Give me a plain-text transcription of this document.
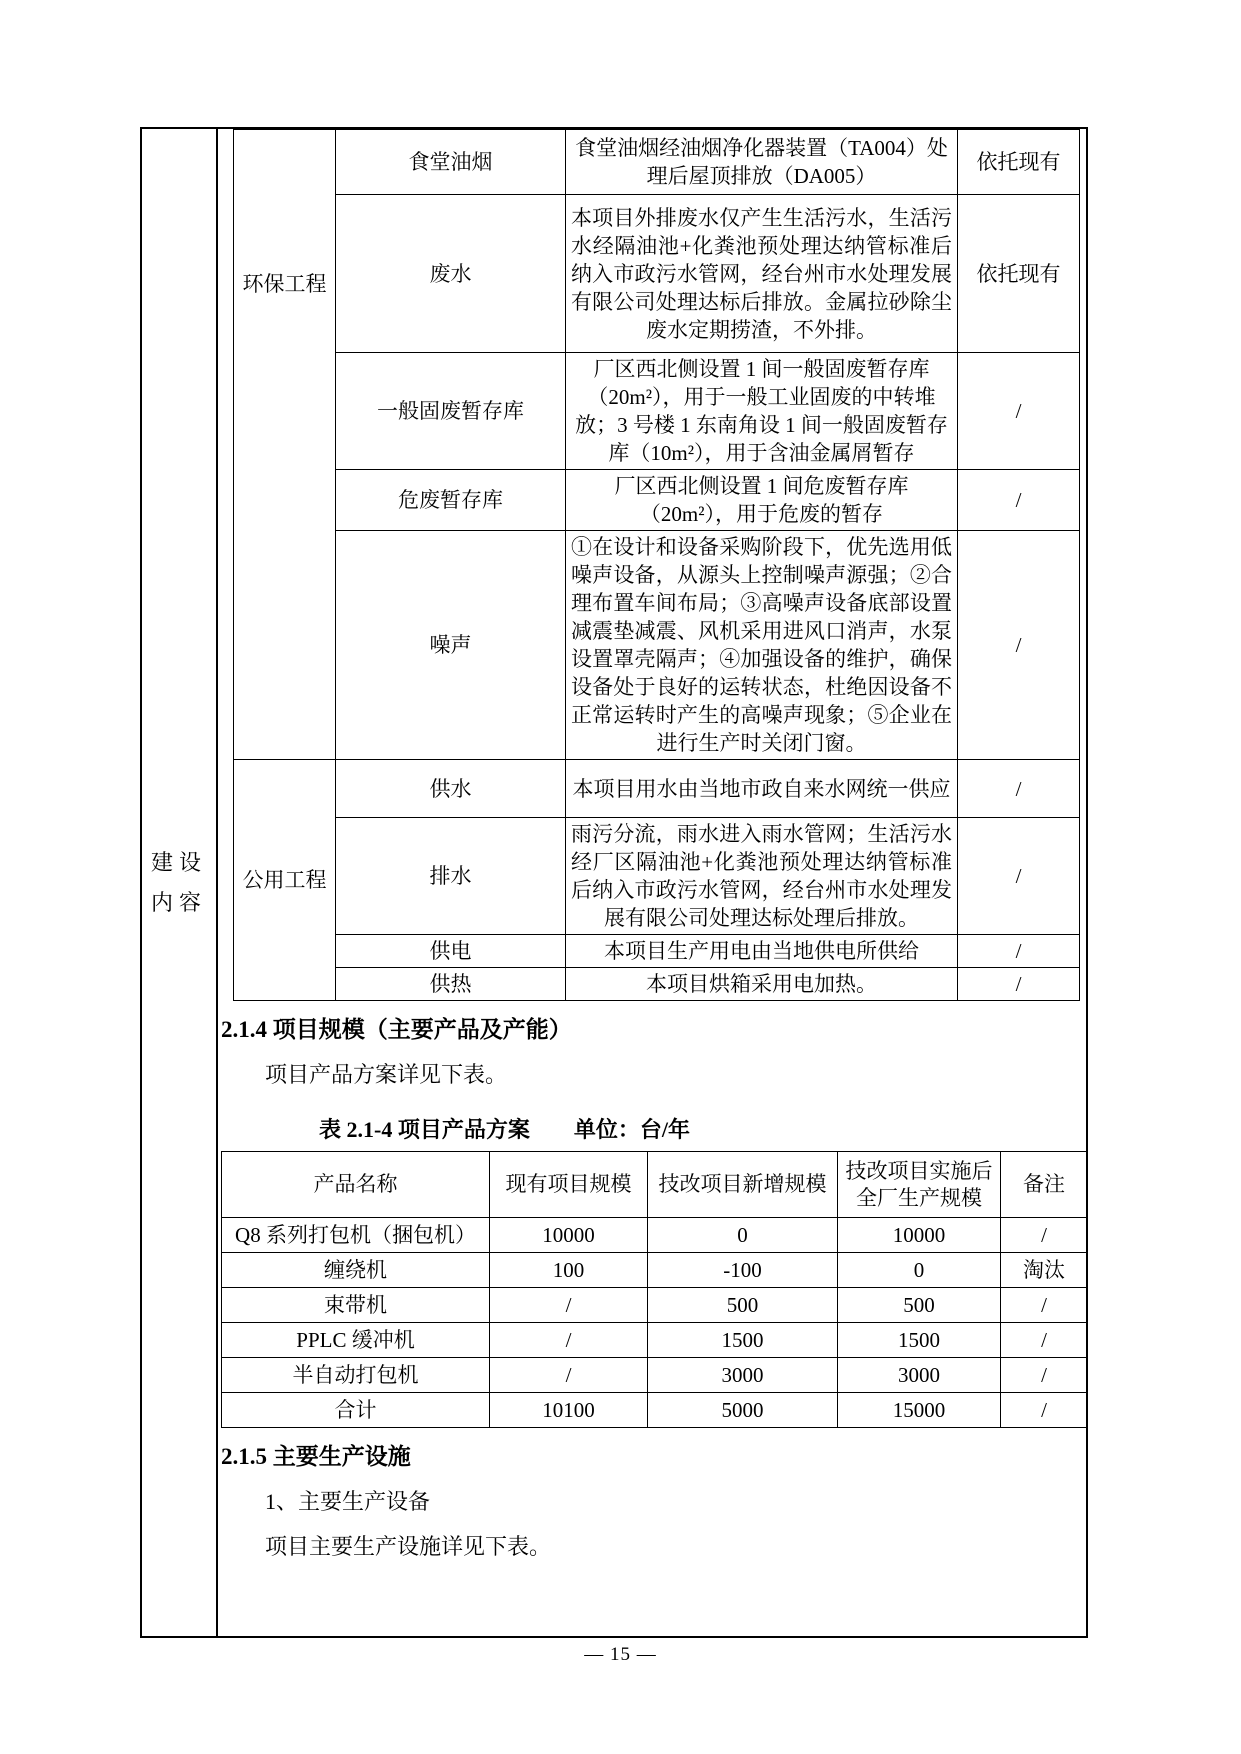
建设内容
环保工程	食堂油烟	食堂油烟经油烟净化器装置（TA004）处理后屋顶排放（DA005）	依托现有
	废水	本项目外排废水仅产生生活污水，生活污水经隔油池+化粪池预处理达纳管标准后纳入市政污水管网，经台州市水处理发展有限公司处理达标后排放。金属拉砂除尘废水定期捞渣，不外排。	依托现有
	一般固废暂存库	厂区西北侧设置 1 间一般固废暂存库（20m²），用于一般工业固废的中转堆放；3 号楼 1 东南角设 1 间一般固废暂存库（10m²），用于含油金属屑暂存	/
	危废暂存库	厂区西北侧设置 1 间危废暂存库（20m²），用于危废的暂存	/
	噪声	①在设计和设备采购阶段下，优先选用低噪声设备，从源头上控制噪声源强；②合理布置车间布局；③高噪声设备底部设置减震垫减震、风机采用进风口消声，水泵设置罩壳隔声；④加强设备的维护，确保设备处于良好的运转状态，杜绝因设备不正常运转时产生的高噪声现象；⑤企业在进行生产时关闭门窗。	/
公用工程	供水	本项目用水由当地市政自来水网统一供应	/
	排水	雨污分流，雨水进入雨水管网；生活污水经厂区隔油池+化粪池预处理达纳管标准后纳入市政污水管网，经台州市水处理发展有限公司处理达标处理后排放。	/
	供电	本项目生产用电由当地供电所供给	/
	供热	本项目烘箱采用电加热。	/
2.1.4 项目规模（主要产品及产能）
项目产品方案详见下表。
表 2.1-4 项目产品方案　　单位：台/年
产品名称	现有项目规模	技改项目新增规模	技改项目实施后全厂生产规模	备注
Q8 系列打包机（捆包机）	10000	0	10000	/
缠绕机	100	-100	0	淘汰
束带机	/	500	500	/
PPLC 缓冲机	/	1500	1500	/
半自动打包机	/	3000	3000	/
合计	10100	5000	15000	/
2.1.5 主要生产设施
1、主要生产设备
项目主要生产设施详见下表。
— 15 —
